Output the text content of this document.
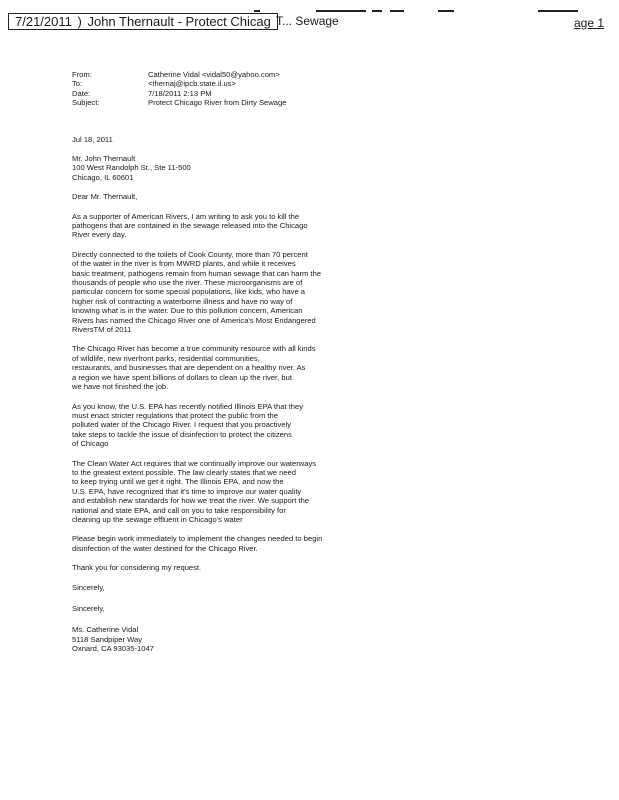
7/21/2011 ) John Thernault - Protect Chicag T... Sewage	age 1
From:	Catherine Vidal <vidal50@yahoo.com>
To:	<thernaj@ipcb.state.il.us>
Date:	7/18/2011 2:13 PM
Subject:	Protect Chicago River from Dirty Sewage

Jul 18, 2011

Mr. John Thernault
100 West Randolph St., Ste 11-500
Chicago, IL 60601

Dear Mr. Thernault,

As a supporter of American Rivers, I am writing to ask you to kill the
pathogens that are contained in the sewage released into the Chicago
River every day.

Directly connected to the toilets of Cook County, more than 70 percent
of the water in the river is from MWRD plants, and while it receives
basic treatment, pathogens remain from human sewage that can harm the
thousands of people who use the river. These microorganisms are of
particular concern for some special populations, like kids, who have a
higher risk of contracting a waterborne illness and have no way of
knowing what is in the water. Due to this pollution concern, American
Rivers has named the Chicago River one of America's Most Endangered
RiversTM of 2011

The Chicago River has become a true community resource with all kinds
of wildlife, new riverfront parks, residential communities,
restaurants, and businesses that are dependent on a healthy river. As
a region we have spent billions of dollars to clean up the river, but
we have not finished the job.

As you know, the U.S. EPA has recently notified Illinois EPA that they
must enact stricter regulations that protect the public from the
polluted water of the Chicago River. I request that you proactively
take steps to tackle the issue of disinfection to protect the citizens
of Chicago

The Clean Water Act requires that we continually improve our waterways
to the greatest extent possible. The law clearly states that we need
to keep trying until we get it right. The Illinois EPA, and now the
U.S. EPA, have recognized that it's time to improve our water quality
and establish new standards for how we treat the river. We support the
national and state EPA, and call on you to take responsibility for
cleaning up the sewage effluent in Chicago's water

Please begin work immediately to implement the changes needed to begin
disinfection of the water destined for the Chicago River.

Thank you for considering my request.

Sincerely,

Sincerely,

Ms. Catherine Vidal
5118 Sandpiper Way
Oxnard, CA 93035-1047
